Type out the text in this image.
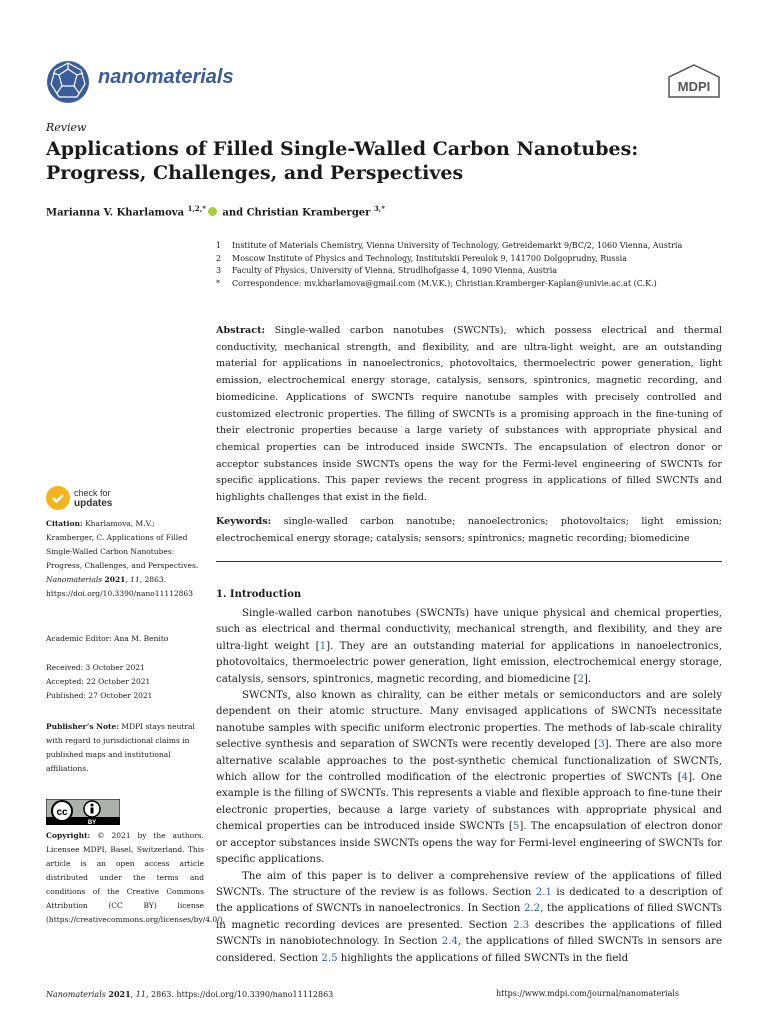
nanomaterials	MDPI
Review
Applications of Filled Single-Walled Carbon Nanotubes: Progress, Challenges, and Perspectives
Marianna V. Kharlamova $^{1,2,*}$ and Christian Kramberger $^{3,*}$
1	Institute of Materials Chemistry, Vienna University of Technology, Getreidemarkt 9/BC/2, 1060 Vienna, Austria
2	Moscow Institute of Physics and Technology, Institutskii Pereulok 9, 141700 Dolgoprudny, Russia
3	Faculty of Physics, University of Vienna, Strudlhofgasse 4, 1090 Vienna, Austria
*	Correspondence: mv.kharlamova@gmail.com (M.V.K.); Christian.Kramberger-Kaplan@univie.ac.at (C.K.)

Abstract: Single-walled carbon nanotubes (SWCNTs), which possess electrical and thermal conductivity, mechanical strength, and flexibility, and are ultra-light weight, are an outstanding material for applications in nanoelectronics, photovoltaics, thermoelectric power generation, light emission, electrochemical energy storage, catalysis, sensors, spintronics, magnetic recording, and biomedicine. Applications of SWCNTs require nanotube samples with precisely controlled and customized electronic properties. The filling of SWCNTs is a promising approach in the fine-tuning of their electronic properties because a large variety of substances with appropriate physical and chemical properties can be introduced inside SWCNTs. The encapsulation of electron donor or acceptor substances inside SWCNTs opens the way for the Fermi-level engineering of SWCNTs for specific applications. This paper reviews the recent progress in applications of filled SWCNTs and highlights challenges that exist in the field.

Keywords: single-walled carbon nanotube; nanoelectronics; photovoltaics; light emission; electrochemical energy storage; catalysis; sensors; spintronics; magnetic recording; biomedicine

check for
updates

Citation: Kharlamova, M.V.; Kramberger, C. Applications of Filled Single-Walled Carbon Nanotubes: Progress, Challenges, and Perspectives. Nanomaterials 2021, 11, 2863. https://doi.org/10.3390/nano11112863

Academic Editor: Ana M. Benito

Received: 3 October 2021
Accepted: 22 October 2021
Published: 27 October 2021

Publisher’s Note: MDPI stays neutral with regard to jurisdictional claims in published maps and institutional affiliations.

cc
BY

Copyright: © 2021 by the authors. Licensee MDPI, Basel, Switzerland. This article is an open access article distributed under the terms and conditions of the Creative Commons Attribution (CC BY) license (https://creativecommons.org/licenses/by/4.0/).

1. Introduction

Single-walled carbon nanotubes (SWCNTs) have unique physical and chemical properties, such as electrical and thermal conductivity, mechanical strength, and flexibility, and they are ultra-light weight [1]. They are an outstanding material for applications in nanoelectronics, photovoltaics, thermoelectric power generation, light emission, electrochemical energy storage, catalysis, sensors, spintronics, magnetic recording, and biomedicine [2].

SWCNTs, also known as chirality, can be either metals or semiconductors and are solely dependent on their atomic structure. Many envisaged applications of SWCNTs necessitate nanotube samples with specific uniform electronic properties. The methods of lab-scale chirality selective synthesis and separation of SWCNTs were recently developed [3]. There are also more alternative scalable approaches to the post-synthetic chemical functionalization of SWCNTs, which allow for the controlled modification of the electronic properties of SWCNTs [4]. One example is the filling of SWCNTs. This represents a viable and flexible approach to fine-tune their electronic properties, because a large variety of substances with appropriate physical and chemical properties can be introduced inside SWCNTs [5]. The encapsulation of electron donor or acceptor substances inside SWCNTs opens the way for Fermi-level engineering of SWCNTs for specific applications.

The aim of this paper is to deliver a comprehensive review of the applications of filled SWCNTs. The structure of the review is as follows. Section 2.1 is dedicated to a description of the applications of SWCNTs in nanoelectronics. In Section 2.2, the applications of filled SWCNTs in magnetic recording devices are presented. Section 2.3 describes the applications of filled SWCNTs in nanobiotechnology. In Section 2.4, the applications of filled SWCNTs in sensors are considered. Section 2.5 highlights the applications of filled SWCNTs in the field

Nanomaterials 2021, 11, 2863. https://doi.org/10.3390/nano11112863	https://www.mdpi.com/journal/nanomaterials
